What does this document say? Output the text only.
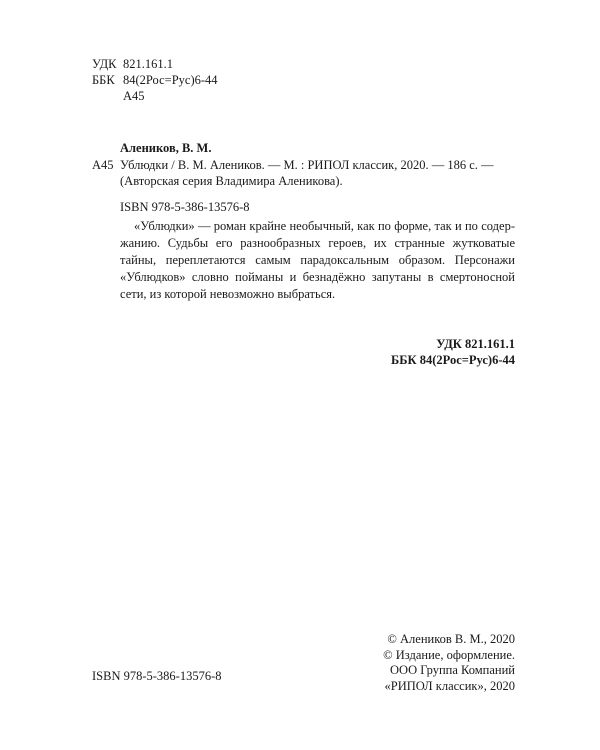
УДК 821.161.1
ББК 84(2Рос=Рус)6-44
А45
Алеников, В. М.
А45 Ублюдки / В. М. Алеников. — М. : РИПОЛ классик, 2020. — 186 с. —
(Авторская серия Владимира Аленикова).
ISBN 978-5-386-13576-8

«Ублюдки» — роман крайне необычный, как по форме, так и по содержанию. Судьбы его разнообразных героев, их странные жутковатые тайны, переплетаются самым парадоксальным образом. Персонажи «Ублюдков» словно пойманы и безнадёжно запутаны в смертоносной сети, из которой невозможно выбраться.

УДК 821.161.1
ББК 84(2Рос=Рус)6-44
ISBN 978-5-386-13576-8
© Алеников В. М., 2020
© Издание, оформление.
ООО Группа Компаний
«РИПОЛ классик», 2020
